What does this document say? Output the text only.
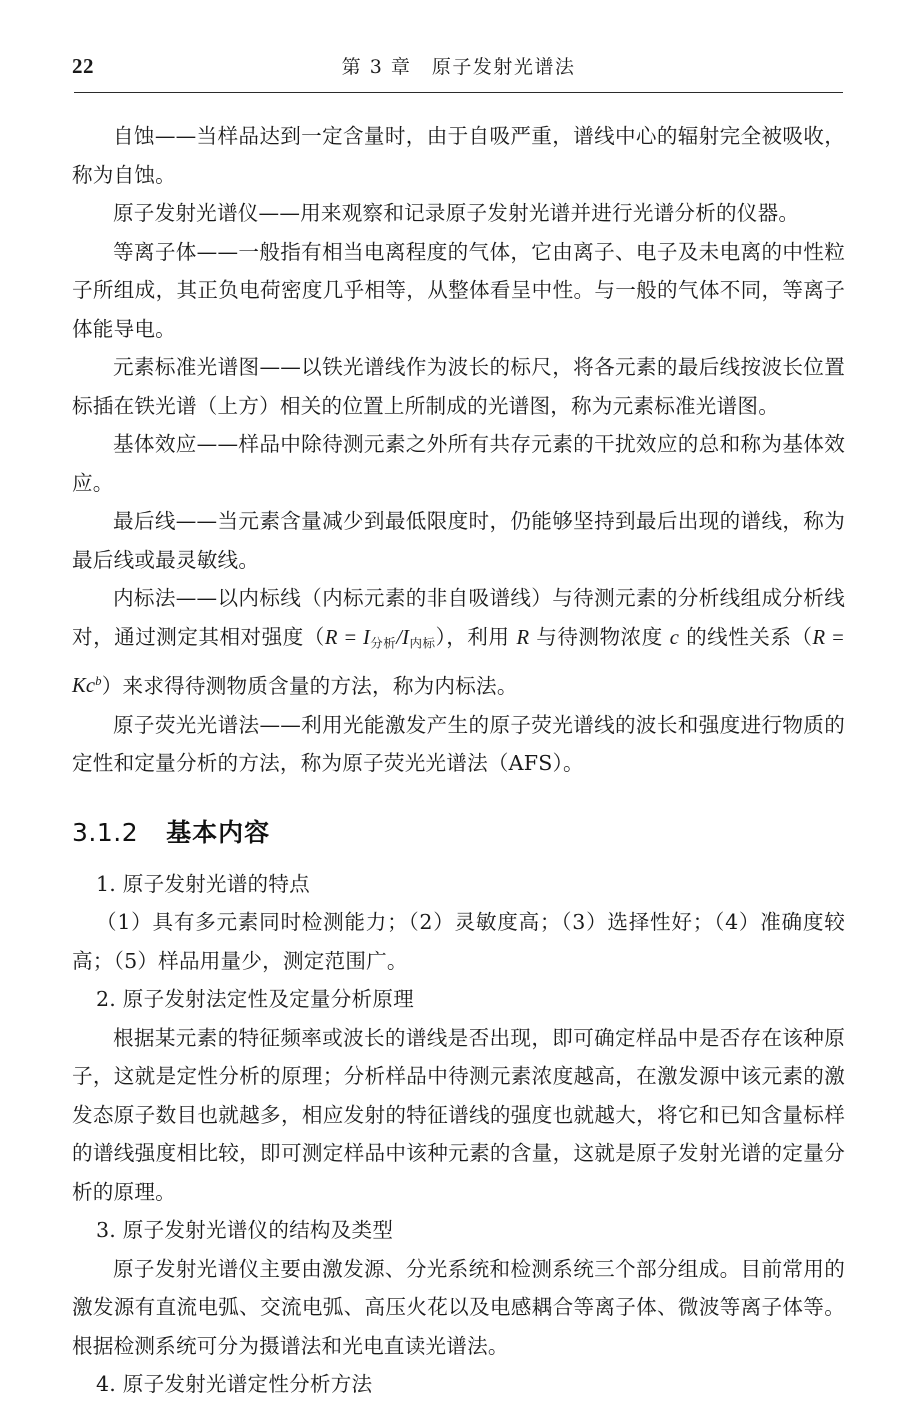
22	第 3 章　原子发射光谱法

自蚀——当样品达到一定含量时，由于自吸严重，谱线中心的辐射完全被吸收，称为自蚀。

原子发射光谱仪——用来观察和记录原子发射光谱并进行光谱分析的仪器。

等离子体——一般指有相当电离程度的气体，它由离子、电子及未电离的中性粒子所组成，其正负电荷密度几乎相等，从整体看呈中性。与一般的气体不同，等离子体能导电。

元素标准光谱图——以铁光谱线作为波长的标尺，将各元素的最后线按波长位置标插在铁光谱（上方）相关的位置上所制成的光谱图，称为元素标准光谱图。

基体效应——样品中除待测元素之外所有共存元素的干扰效应的总和称为基体效应。

最后线——当元素含量减少到最低限度时，仍能够坚持到最后出现的谱线，称为最后线或最灵敏线。

内标法——以内标线（内标元素的非自吸谱线）与待测元素的分析线组成分析线对，通过测定其相对强度$(R = I_{分析}/I_{内标})$，利用 R 与待测物浓度 c 的线性关系$(R = Kc^b)$来求得待测物质含量的方法，称为内标法。

原子荧光光谱法——利用光能激发产生的原子荧光谱线的波长和强度进行物质的定性和定量分析的方法，称为原子荧光光谱法（AFS）。

3.1.2 基本内容

1. 原子发射光谱的特点

（1）具有多元素同时检测能力；（2）灵敏度高；（3）选择性好；（4）准确度较高；（5）样品用量少，测定范围广。

2. 原子发射法定性及定量分析原理

根据某元素的特征频率或波长的谱线是否出现，即可确定样品中是否存在该种原子，这就是定性分析的原理；分析样品中待测元素浓度越高，在激发源中该元素的激发态原子数目也就越多，相应发射的特征谱线的强度也就越大，将它和已知含量标样的谱线强度相比较，即可测定样品中该种元素的含量，这就是原子发射光谱的定量分析的原理。

3. 原子发射光谱仪的结构及类型

原子发射光谱仪主要由激发源、分光系统和检测系统三个部分组成。目前常用的激发源有直流电弧、交流电弧、高压火花以及电感耦合等离子体、微波等离子体等。根据检测系统可分为摄谱法和光电直读光谱法。

4. 原子发射光谱定性分析方法
